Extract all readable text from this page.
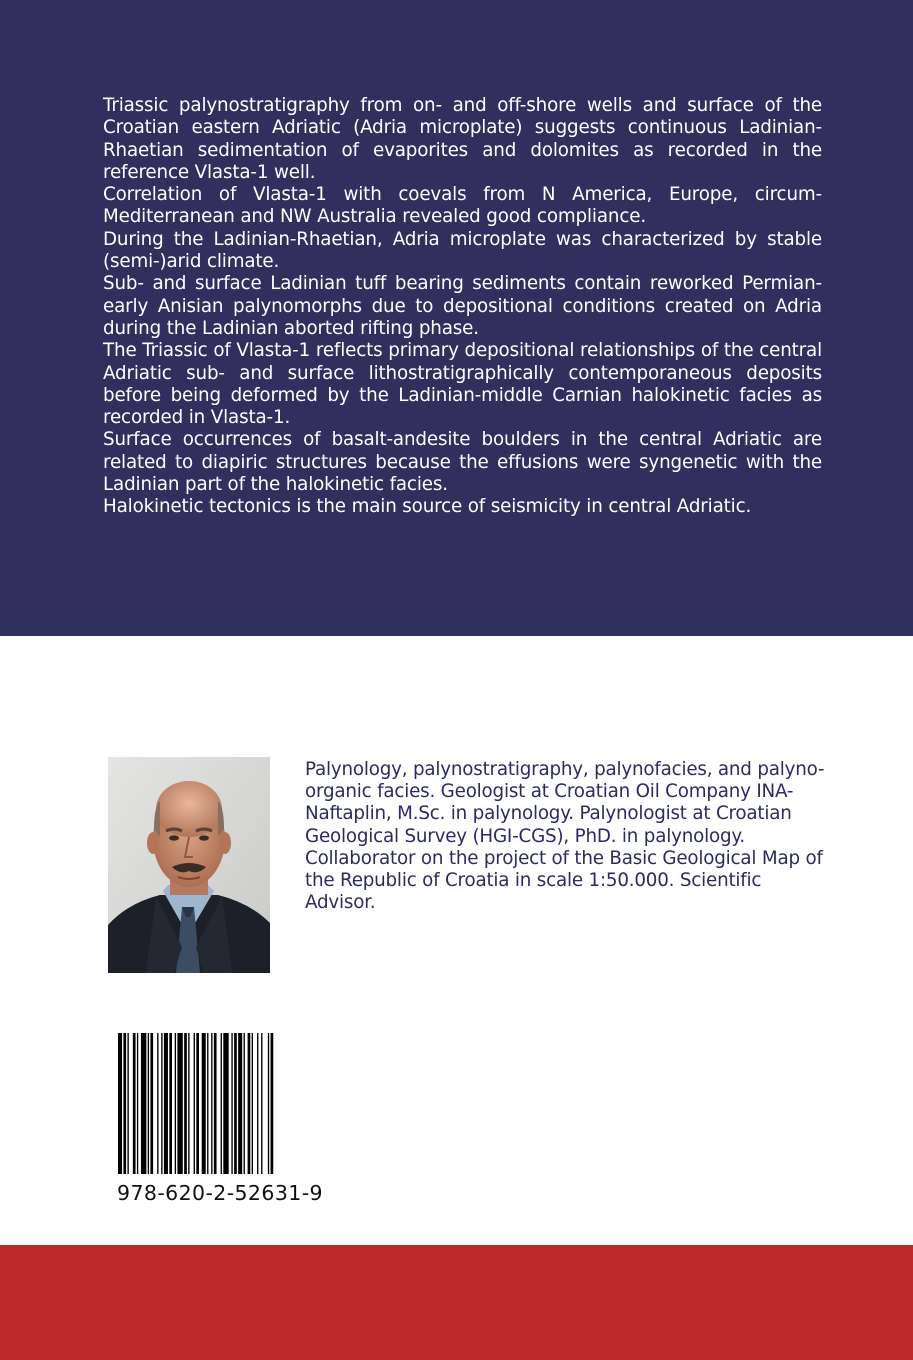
Triassic palynostratigraphy from on- and off-shore wells and surface of the Croatian eastern Adriatic (Adria microplate) suggests continuous Ladinian-Rhaetian sedimentation of evaporites and dolomites as recorded in the reference Vlasta-1 well.

Correlation of Vlasta-1 with coevals from N America, Europe, circum-Mediterranean and NW Australia revealed good compliance.

During the Ladinian-Rhaetian, Adria microplate was characterized by stable (semi-)arid climate.

Sub- and surface Ladinian tuff bearing sediments contain reworked Permian-early Anisian palynomorphs due to depositional conditions created on Adria during the Ladinian aborted rifting phase.

The Triassic of Vlasta-1 reflects primary depositional relationships of the central Adriatic sub- and surface lithostratigraphically contemporaneous deposits before being deformed by the Ladinian-middle Carnian halokinetic facies as recorded in Vlasta-1.

Surface occurrences of basalt-andesite boulders in the central Adriatic are related to diapiric structures because the effusions were syngenetic with the Ladinian part of the halokinetic facies.

Halokinetic tectonics is the main source of seismicity in central Adriatic.

Palynology, palynostratigraphy, palynofacies, and palyno-organic facies. Geologist at Croatian Oil Company INA-Naftaplin, M.Sc. in palynology. Palynologist at Croatian Geological Survey (HGI-CGS), PhD. in palynology. Collaborator on the project of the Basic Geological Map of the Republic of Croatia in scale 1:50.000. Scientific Advisor.
978-620-2-52631-9
